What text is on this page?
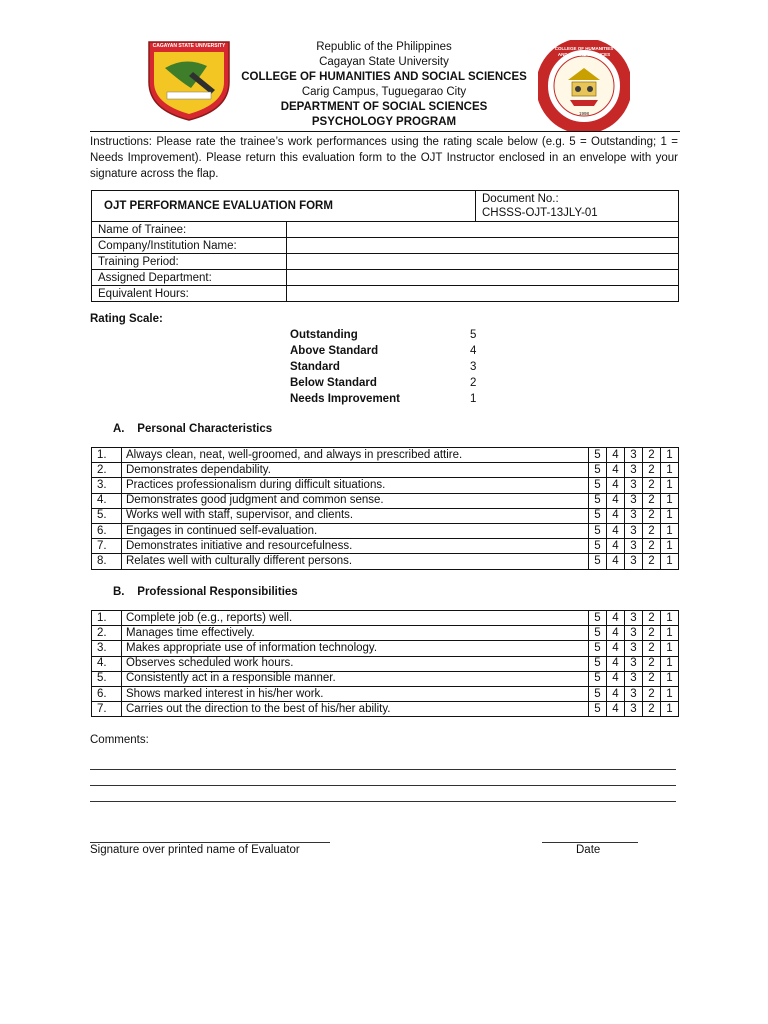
CAGAYAN STATE UNIVERSITY	COLLEGE OF HUMANITIES AND SOCIAL SCIENCES
1998
Republic of the Philippines
Cagayan State University
COLLEGE OF HUMANITIES AND SOCIAL SCIENCES
Carig Campus, Tuguegarao City
DEPARTMENT OF SOCIAL SCIENCES
PSYCHOLOGY PROGRAM
Instructions: Please rate the trainee’s work performances using the rating scale below (e.g. 5 = Outstanding; 1 = Needs Improvement). Please return this evaluation form to the OJT Instructor enclosed in an envelope with your signature across the flap.
OJT PERFORMANCE EVALUATION FORM		Document No.:
CHSSS-OJT-13JLY-01

Name of Trainee:		
Company/Institution Name:		
Training Period:		
Assigned Department:		
Equivalent Hours:		
Rating Scale:
Outstanding	5
Above Standard	4
Standard	3
Below Standard	2
Needs Improvement	1
A.    Personal Characteristics
1.	Always clean, neat, well-groomed, and always in prescribed attire.	5	4	3	2	1
2.	Demonstrates dependability.	5	4	3	2	1
3.	Practices professionalism during difficult situations.	5	4	3	2	1
4.	Demonstrates good judgment and common sense.	5	4	3	2	1
5.	Works well with staff, supervisor, and clients.	5	4	3	2	1
6.	Engages in continued self-evaluation.	5	4	3	2	1
7.	Demonstrates initiative and resourcefulness.	5	4	3	2	1
8.	Relates well with culturally different persons.	5	4	3	2	1
B.    Professional Responsibilities
1.	Complete job (e.g., reports) well.	5	4	3	2	1
2.	Manages time effectively.	5	4	3	2	1
3.	Makes appropriate use of information technology.	5	4	3	2	1
4.	Observes scheduled work hours.	5	4	3	2	1
5.	Consistently act in a responsible manner.	5	4	3	2	1
6.	Shows marked interest in his/her work.	5	4	3	2	1
7.	Carries out the direction to the best of his/her ability.	5	4	3	2	1
Comments:
Signature over printed name of Evaluator	Date
